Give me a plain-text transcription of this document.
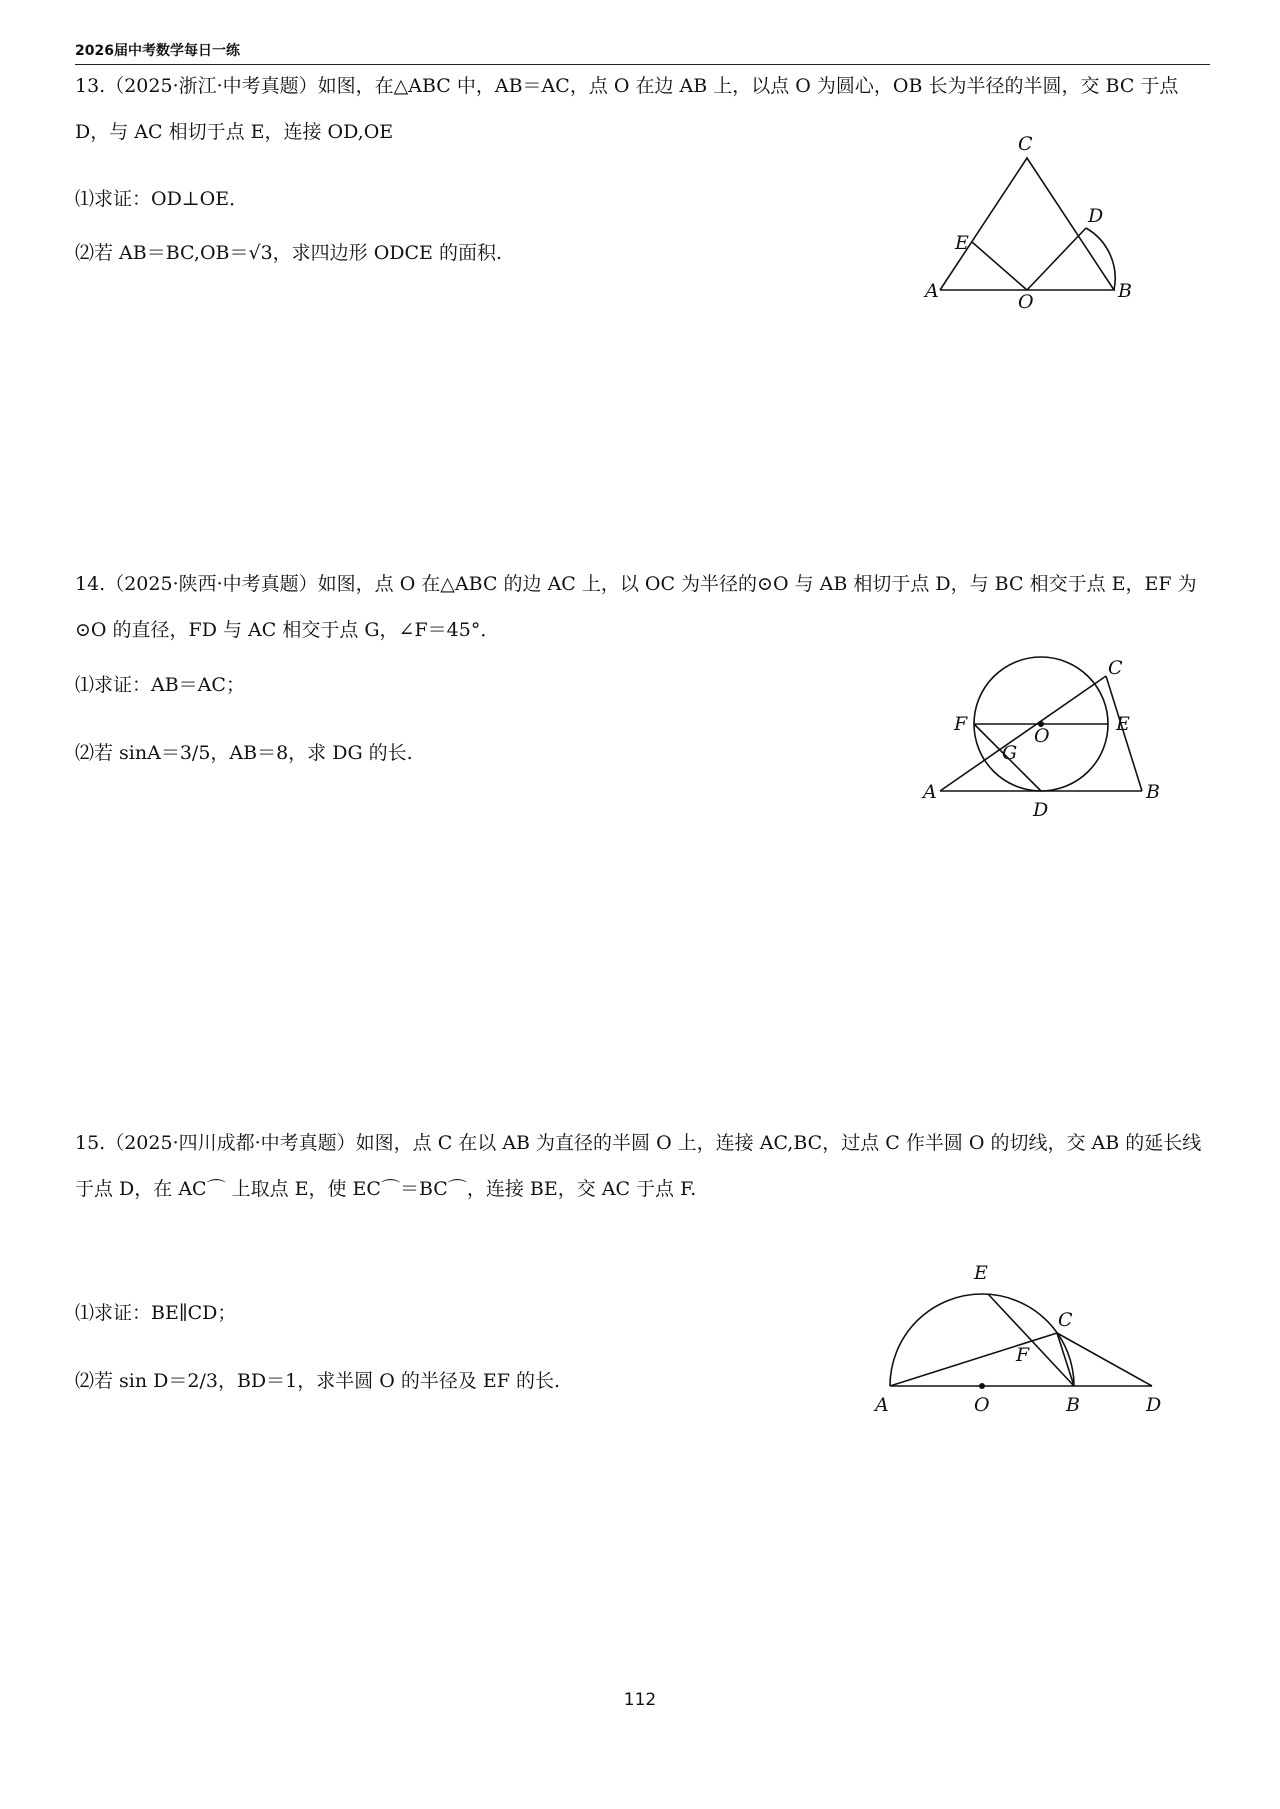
2026届中考数学每日一练
13.（2025·浙江·中考真题）如图，在△ABC 中，AB＝AC，点 O 在边 AB 上，以点 O 为圆心，OB 长为半径的半圆，交 BC 于点 D，与 AC 相切于点 E，连接 OD,OE
⑴求证：OD⊥OE．
⑵若 AB＝BC,OB＝√3，求四边形 ODCE 的面积.
C
D
E
A	O	B
14.（2025·陕西·中考真题）如图，点 O 在△ABC 的边 AC 上，以 OC 为半径的⊙O 与 AB 相切于点 D，与 BC 相交于点 E，EF 为⊙O 的直径，FD 与 AC 相交于点 G，∠F＝45°．
⑴求证：AB＝AC；
⑵若 sinA＝3/5，AB＝8，求 DG 的长.
C
F
O
E
G
A
D
B
15.（2025·四川成都·中考真题）如图，点 C 在以 AB 为直径的半圆 O 上，连接 AC,BC，过点 C 作半圆 O 的切线，交 AB 的延长线于点 D，在 AC⌒ 上取点 E，使 EC⌒＝BC⌒，连接 BE，交 AC 于点 F.
⑴求证：BE∥CD；
⑵若 sin D＝2/3，BD＝1，求半圆 O 的半径及 EF 的长.
E
C
F
A	O	B	D
112
